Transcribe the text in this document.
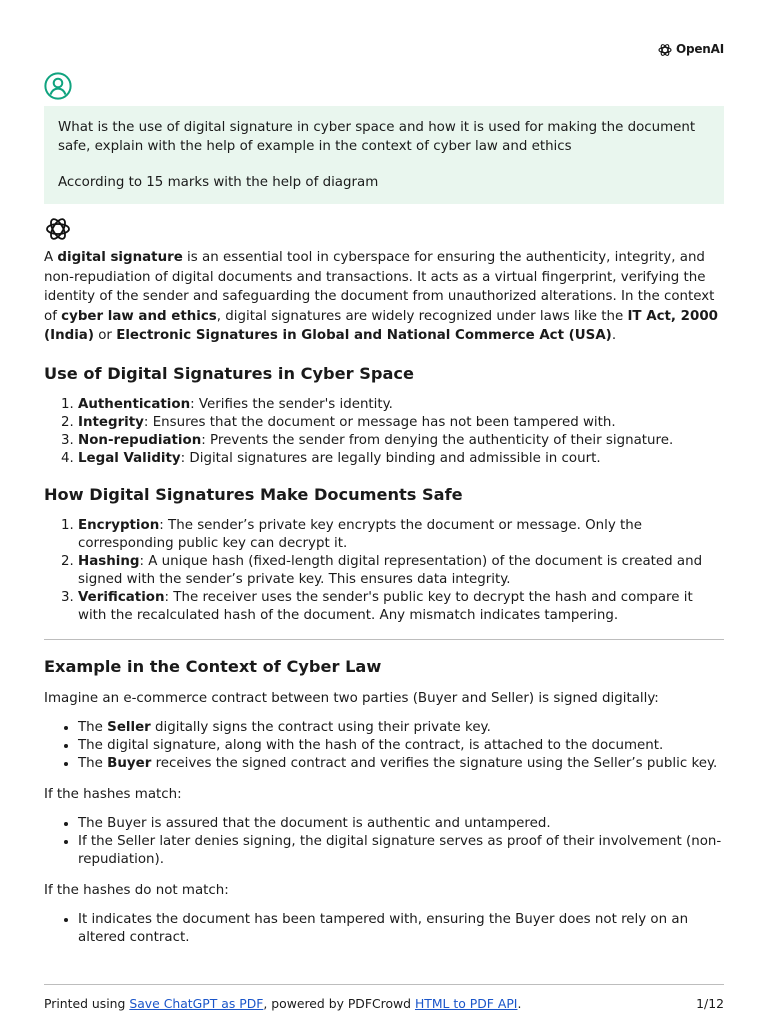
OpenAI

What is the use of digital signature in cyber space and how it is used for making the document safe, explain with the help of example in the context of cyber law and ethics

According to 15 marks with the help of diagram

A digital signature is an essential tool in cyberspace for ensuring the authenticity, integrity, and non-repudiation of digital documents and transactions. It acts as a virtual fingerprint, verifying the identity of the sender and safeguarding the document from unauthorized alterations. In the context of cyber law and ethics, digital signatures are widely recognized under laws like the IT Act, 2000 (India) or Electronic Signatures in Global and National Commerce Act (USA).

Use of Digital Signatures in Cyber Space
1. Authentication: Verifies the sender's identity.
2. Integrity: Ensures that the document or message has not been tampered with.
3. Non-repudiation: Prevents the sender from denying the authenticity of their signature.
4. Legal Validity: Digital signatures are legally binding and admissible in court.
How Digital Signatures Make Documents Safe
1. Encryption: The sender’s private key encrypts the document or message. Only the corresponding public key can decrypt it.
2. Hashing: A unique hash (fixed-length digital representation) of the document is created and signed with the sender’s private key. This ensures data integrity.
3. Verification: The receiver uses the sender's public key to decrypt the hash and compare it with the recalculated hash of the document. Any mismatch indicates tampering.
Example in the Context of Cyber Law

Imagine an e-commerce contract between two parties (Buyer and Seller) is signed digitally:

• The Seller digitally signs the contract using their private key.
• The digital signature, along with the hash of the contract, is attached to the document.
• The Buyer receives the signed contract and verifies the signature using the Seller’s public key.

If the hashes match:

• The Buyer is assured that the document is authentic and untampered.
• If the Seller later denies signing, the digital signature serves as proof of their involvement (non-repudiation).

If the hashes do not match:

• It indicates the document has been tampered with, ensuring the Buyer does not rely on an altered contract.
Printed using Save ChatGPT as PDF, powered by PDFCrowd HTML to PDF API.	1/12
